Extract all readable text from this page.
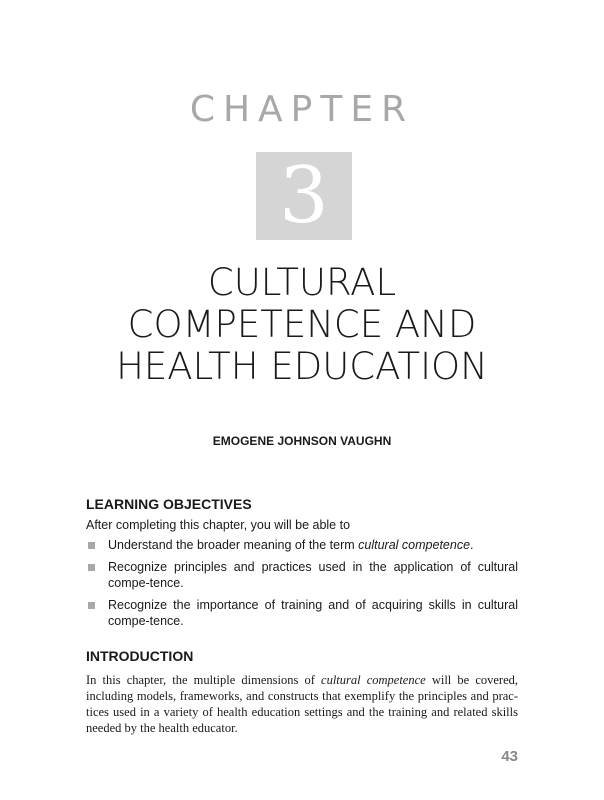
CHAPTER
3
CULTURAL
COMPETENCE AND
HEALTH EDUCATION
EMOGENE JOHNSON VAUGHN
LEARNING OBJECTIVES
After completing this chapter, you will be able to
Understand the broader meaning of the term cultural competence.
Recognize principles and practices used in the application of cultural compe-tence.
Recognize the importance of training and of acquiring skills in cultural compe-tence.
INTRODUCTION
In this chapter, the multiple dimensions of cultural competence will be covered, including models, frameworks, and constructs that exemplify the principles and prac-tices used in a variety of health education settings and the training and related skills needed by the health educator.
43
